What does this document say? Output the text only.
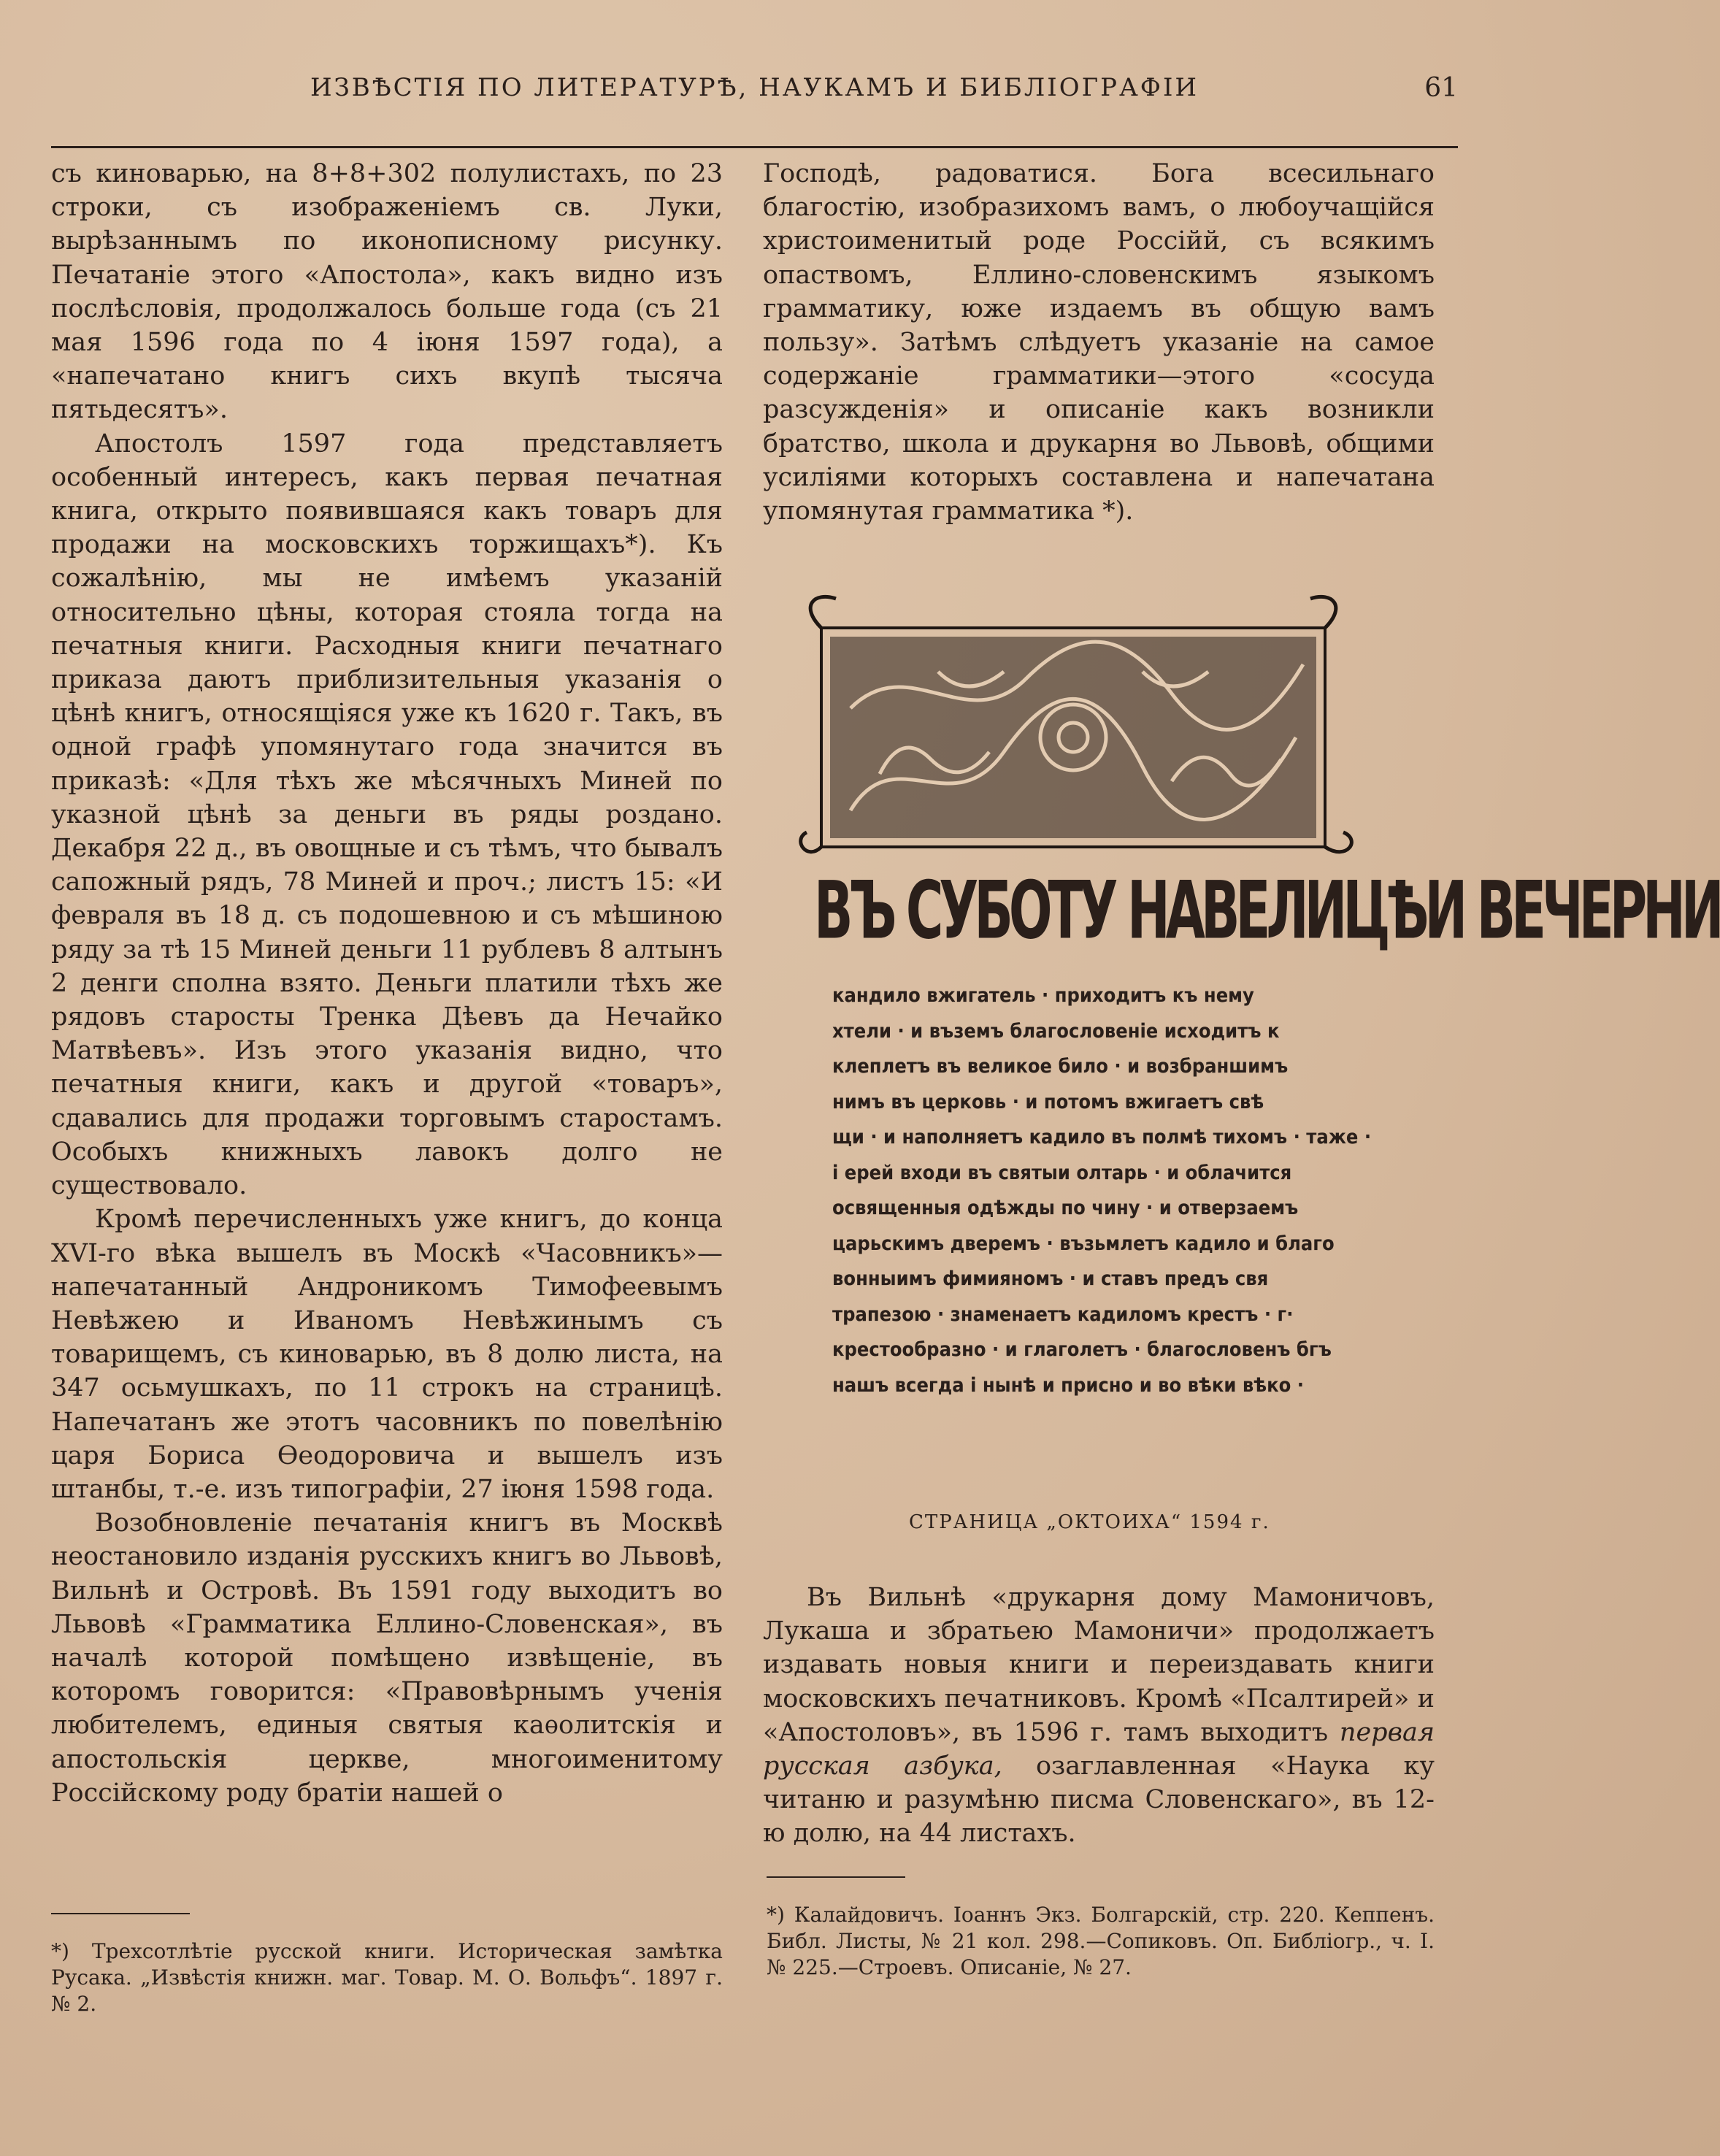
ИЗВѢСТІЯ ПО ЛИТЕРАТУРѢ, НАУКАМЪ И БИБЛІОГРАФІИ	61

съ киноварью, на 8+8+302 полулистахъ, по 23 строки, съ изображеніемъ св. Луки, вырѣзаннымъ по иконописному рисунку. Печатаніе этого «Апостола», какъ видно изъ послѣсловія, продолжалось больше года (съ 21 мая 1596 года по 4 іюня 1597 года), а «напечатано книгъ сихъ вкупѣ тысяча пятьдесятъ».

Апостолъ 1597 года представляетъ особенный интересъ, какъ первая печатная книга, открыто появившаяся какъ товаръ для продажи на московскихъ торжищахъ*). Къ сожалѣнію, мы не имѣемъ указаній относительно цѣны, которая стояла тогда на печатныя книги. Расходныя книги печатнаго приказа даютъ приблизительныя указанія о цѣнѣ книгъ, относящіяся уже къ 1620 г. Такъ, въ одной графѣ упомянутаго года значится въ приказѣ: «Для тѣхъ же мѣсячныхъ Миней по указной цѣнѣ за деньги въ ряды роздано. Декабря 22 д., въ овощные и съ тѣмъ, что бывалъ сапожный рядъ, 78 Миней и проч.; листъ 15: «И февраля въ 18 д. съ подошевною и съ мѣшиною ряду за тѣ 15 Миней деньги 11 рублевъ 8 алтынъ 2 денги сполна взято. Деньги платили тѣхъ же рядовъ старосты Тренка Дѣевъ да Нечайко Матвѣевъ». Изъ этого указанія видно, что печатныя книги, какъ и другой «товаръ», сдавались для продажи торговымъ старостамъ. Особыхъ книжныхъ лавокъ долго не существовало.

Кромѣ перечисленныхъ уже книгъ, до конца XVI-го вѣка вышелъ въ Москѣ «Часовникъ»—напечатанный Андроникомъ Тимофеевымъ Невѣжею и Иваномъ Невѣжинымъ съ товарищемъ, съ киноварью, въ 8 долю листа, на 347 осьмушкахъ, по 11 строкъ на страницѣ. Напечатанъ же этотъ часовникъ по повелѣнію царя Бориса Ѳеодоровича и вышелъ изъ штанбы, т.-е. изъ типографіи, 27 іюня 1598 года.

Возобновленіе печатанія книгъ въ Москвѣ неостановило изданія русскихъ книгъ во Львовѣ, Вильнѣ и Островѣ. Въ 1591 году выходитъ во Львовѣ «Грамматика Еллино-Словенская», въ началѣ которой помѣщено извѣщеніе, въ которомъ говорится: «Правовѣрнымъ ученія любителемъ, единыя святыя каѳолитскія и апостольскія церкве, многоименитому Россійскому роду братіи нашей о

Господѣ, радоватися. Бога всесильнаго благостію, изобразихомъ вамъ, о любоучащійся христоименитый роде Россійй, съ всякимъ опаствомъ, Еллино-словенскимъ языкомъ грамматику, юже издаемъ въ общую вамъ пользу». Затѣмъ слѣдуетъ указаніе на самое содержаніе грамматики—этого «сосуда разсужденія» и описаніе какъ возникли братство, школа и друкарня во Львовѣ, общими усиліями которыхъ составлена и напечатана упомянутая грамматика *).

ВЪ СУБОТУ НАВЕЛИЦѢИ ВЕЧЕРНИ
кандило вжигатель · приходитъ къ нему
хтели · и въземъ благословеніе исходитъ к
клеплетъ въ великое било · и возбраншимъ
нимъ въ церковь · и потомъ вжигаетъ свѣ
щи · и наполняетъ кадило въ полмѣ тихомъ · таже ·
і ерей входи въ святыи олтарь · и облачится
освященныя одѣжды по чину · и отверзаемъ
царьскимъ дверемъ · възьмлетъ кадило и благо
вонныимъ фимияномъ · и ставъ предъ свя
трапезою · знаменаетъ кадиломъ крестъ · г·
крестообразно · и глаголетъ · благословенъ бгъ
нашъ всегда і нынѣ и присно и во вѣки вѣко ·
СТРАНИЦА „ОКТОИХА“ 1594 г.

Въ Вильнѣ «друкарня дому Мамоничовъ, Лукаша и збратьею Мамоничи» продолжаетъ издавать новыя книги и переиздавать книги московскихъ печатниковъ. Кромѣ «Псалтирей» и «Апостоловъ», въ 1596 г. тамъ выходитъ первая русская азбука, озаглавленная «Наука ку читаню и разумѣню писма Словенскаго», въ 12-ю долю, на 44 листахъ.

*) Трехсотлѣтіе русской книги. Историческая замѣтка Русака. „Извѣстія книжн. маг. Товар. М. О. Вольфъ“. 1897 г. № 2.
*) Калайдовичъ. Іоаннъ Экз. Болгарскій, стр. 220. Кеппенъ. Библ. Листы, № 21 кол. 298.—Сопиковъ. Оп. Библіогр., ч. І. № 225.—Строевъ. Описаніе, № 27.
